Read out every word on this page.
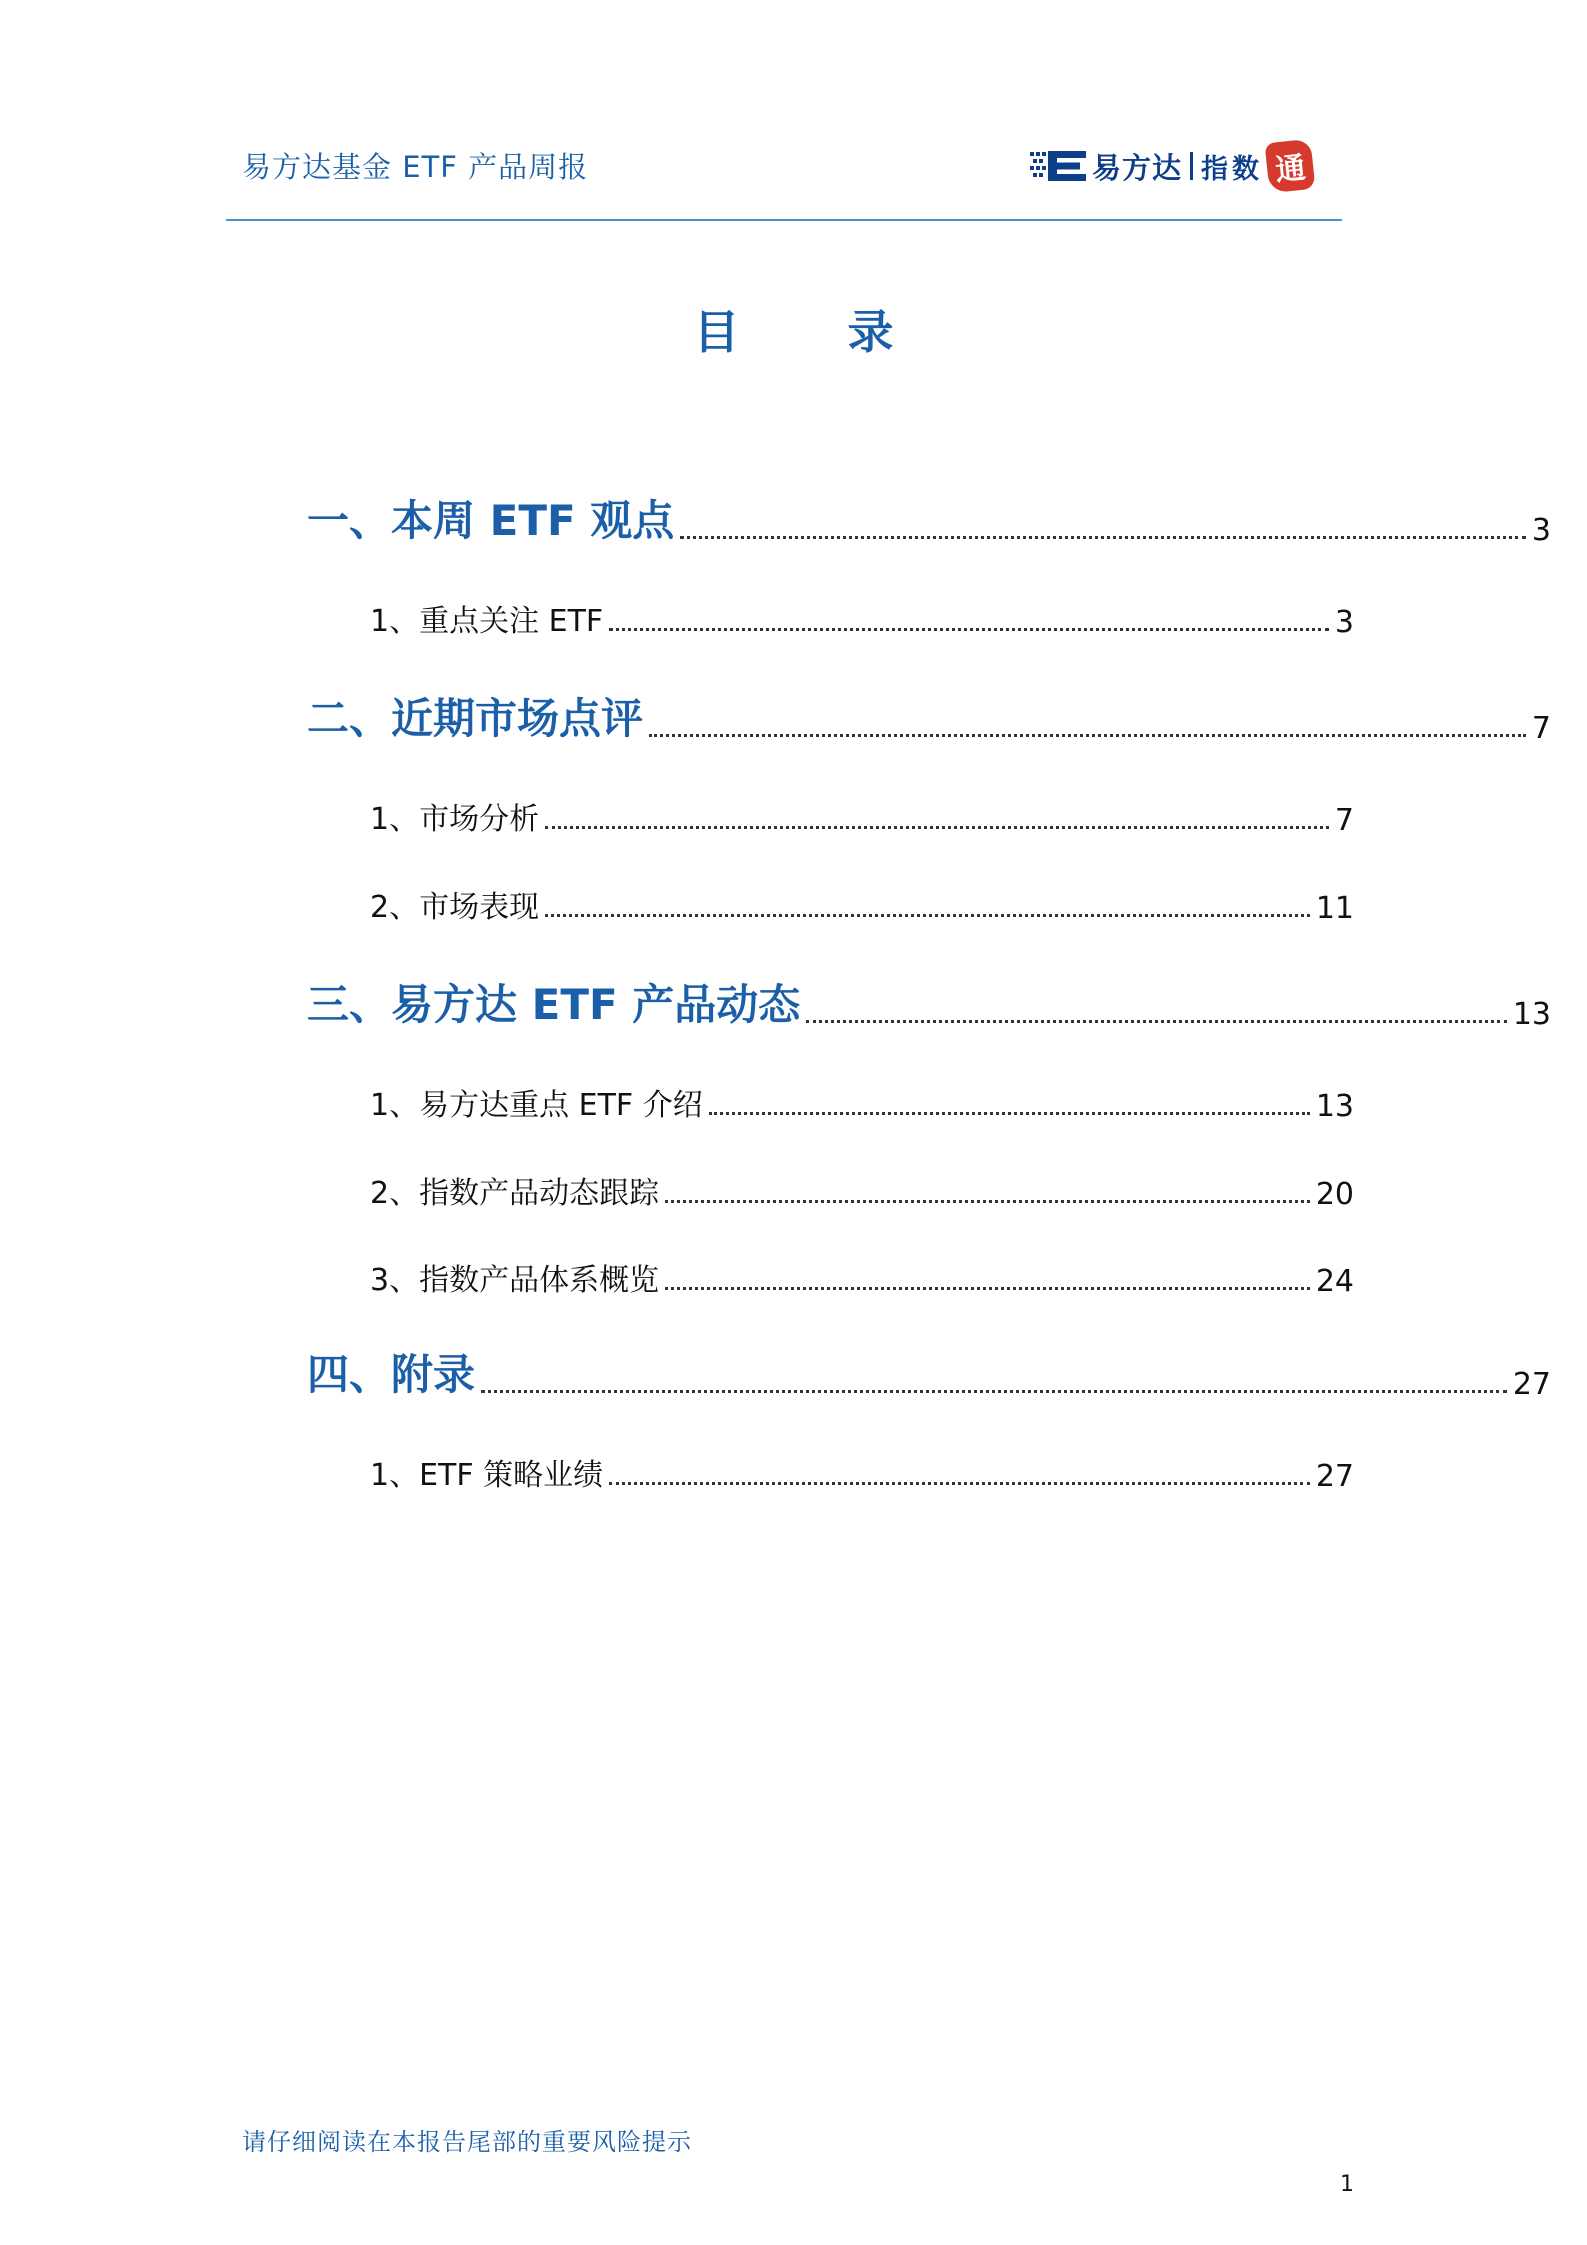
易方达基金 ETF 产品周报	易方达 指数 通
目 录
一、本周 ETF 观点	3
1、重点关注 ETF	3
二、近期市场点评	7
1、市场分析	7
2、市场表现	11
三、易方达 ETF 产品动态	13
1、易方达重点 ETF 介绍	13
2、指数产品动态跟踪	20
3、指数产品体系概览	24
四、附录	27
1、ETF 策略业绩	27
请仔细阅读在本报告尾部的重要风险提示
1
